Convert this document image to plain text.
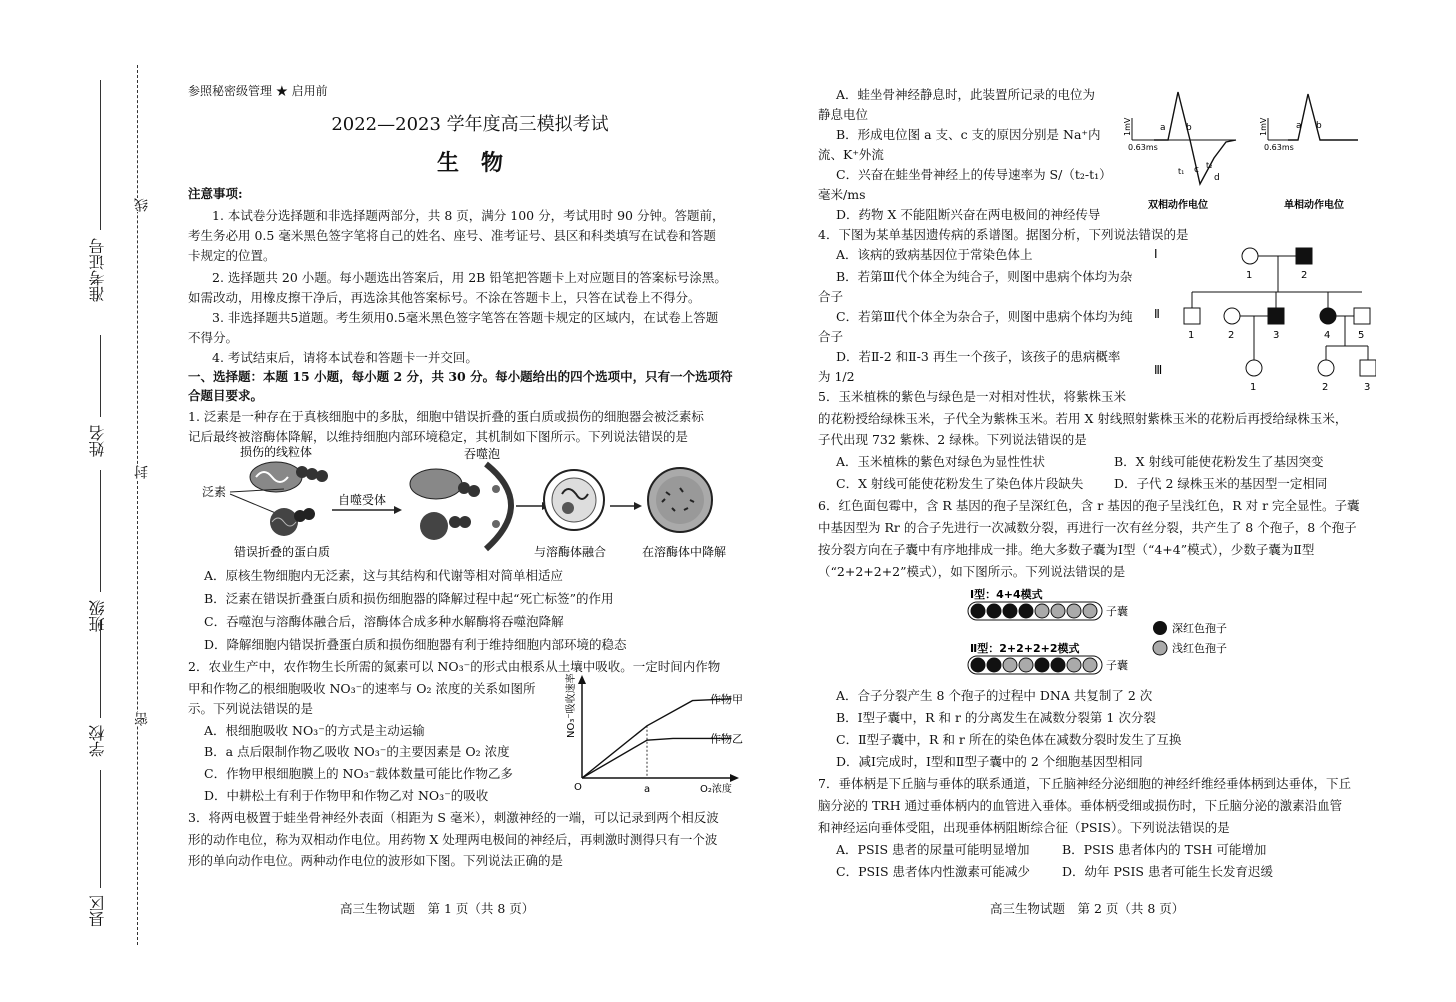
准考证号
姓名
班级
学校
县区
线
封
密
参照秘密级管理 ★ 启用前
2022—2023 学年度高三模拟考试
生　物
注意事项:
1. 本试卷分选择题和非选择题两部分，共 8 页，满分 100 分，考试用时 90 分钟。答题前，
考生务必用 0.5 毫米黑色签字笔将自己的姓名、座号、准考证号、县区和科类填写在试卷和答题
卡规定的位置。
2. 选择题共 20 小题。每小题选出答案后，用 2B 铅笔把答题卡上对应题目的答案标号涂黑。
如需改动，用橡皮擦干净后，再选涂其他答案标号。不涂在答题卡上，只答在试卷上不得分。
3. 非选择题共5道题。考生须用0.5毫米黑色签字笔答在答题卡规定的区域内，在试卷上答题
不得分。
4. 考试结束后，请将本试卷和答题卡一并交回。
一、选择题：本题 15 小题，每小题 2 分，共 30 分。每小题给出的四个选项中，只有一个选项符
合题目要求。
1. 泛素是一种存在于真核细胞中的多肽，细胞中错误折叠的蛋白质或损伤的细胞器会被泛素标
记后最终被溶酶体降解，以维持细胞内部环境稳定，其机制如下图所示。下列说法错误的是
损伤的线粒体
泛素
错误折叠的蛋白质
自噬受体
吞噬泡
与溶酶体融合	在溶酶体中降解
A．原核生物细胞内无泛素，这与其结构和代谢等相对简单相适应
B．泛素在错误折叠蛋白质和损伤细胞器的降解过程中起“死亡标签”的作用
C．吞噬泡与溶酶体融合后，溶酶体合成多种水解酶将吞噬泡降解
D．降解细胞内错误折叠蛋白质和损伤细胞器有利于维持细胞内部环境的稳态
2．农业生产中，农作物生长所需的氮素可以 NO₃⁻的形式由根系从土壤中吸收。一定时间内作物
甲和作物乙的根细胞吸收 NO₃⁻的速率与 O₂ 浓度的关系如图所
示。下列说法错误的是
A．根细胞吸收 NO₃⁻的方式是主动运输
B．a 点后限制作物乙吸收 NO₃⁻的主要因素是 O₂ 浓度
C．作物甲根细胞膜上的 NO₃⁻载体数量可能比作物乙多
D．中耕松土有利于作物甲和作物乙对 NO₃⁻的吸收
NO₃⁻吸收速率
O₂浓度
O	a
作物甲
作物乙
3．将两电极置于蛙坐骨神经外表面（相距为 S 毫米），刺激神经的一端，可以记录到两个相反波
形的动作电位，称为双相动作电位。用药物 X 处理两电极间的神经后，再刺激时测得只有一个波
形的单向动作电位。两种动作电位的波形如下图。下列说法正确的是
高三生物试题　第 1 页（共 8 页）
A．蛙坐骨神经静息时，此装置所记录的电位为
静息电位
B．形成电位图 a 支、c 支的原因分别是 Na⁺内
流、K⁺外流
C．兴奋在蛙坐骨神经上的传导速率为 S/（t₂-t₁）
毫米/ms
D．药物 X 不能阻断兴奋在两电极间的神经传导
1mV
0.63ms
a b
c
d
t₁
t₂
双相动作电位
1mV
0.63ms
a b
单相动作电位
4．下图为某单基因遗传病的系谱图。据图分析，下列说法错误的是
A．该病的致病基因位于常染色体上
B．若第Ⅲ代个体全为纯合子，则图中患病个体均为杂
合子
C．若第Ⅲ代个体全为杂合子，则图中患病个体均为纯
合子
D．若Ⅱ-2 和Ⅱ-3 再生一个孩子，该孩子的患病概率
为 1/2
Ⅰ
Ⅱ
Ⅲ
1	2
1	2	3	4	5
1	2	3
5．玉米植株的紫色与绿色是一对相对性状，将紫株玉米
的花粉授给绿株玉米，子代全为紫株玉米。若用 X 射线照射紫株玉米的花粉后再授给绿株玉米，
子代出现 732 紫株、2 绿株。下列说法错误的是
A．玉米植株的紫色对绿色为显性性状	B．X 射线可能使花粉发生了基因突变
C．X 射线可能使花粉发生了染色体片段缺失 D．子代 2 绿株玉米的基因型一定相同
6．红色面包霉中，含 R 基因的孢子呈深红色，含 r 基因的孢子呈浅红色，R 对 r 完全显性。子囊
中基因型为 Rr 的合子先进行一次减数分裂，再进行一次有丝分裂，共产生了 8 个孢子，8 个孢子
按分裂方向在子囊中有序地排成一排。绝大多数子囊为Ⅰ型（“4+4”模式），少数子囊为Ⅱ型
（“2+2+2+2”模式），如下图所示。下列说法错误的是
Ⅰ型：4+4模式
子囊
Ⅱ型：2+2+2+2模式
子囊
深红色孢子
浅红色孢子
A．合子分裂产生 8 个孢子的过程中 DNA 共复制了 2 次
B．Ⅰ型子囊中，R 和 r 的分离发生在减数分裂第 1 次分裂
C．Ⅱ型子囊中，R 和 r 所在的染色体在减数分裂时发生了互换
D．减Ⅰ完成时，Ⅰ型和Ⅱ型子囊中的 2 个细胞基因型相同
7．垂体柄是下丘脑与垂体的联系通道，下丘脑神经分泌细胞的神经纤维经垂体柄到达垂体，下丘
脑分泌的 TRH 通过垂体柄内的血管进入垂体。垂体柄受细或损伤时，下丘脑分泌的激素沿血管
和神经运向垂体受阻，出现垂体柄阻断综合征（PSIS）。下列说法错误的是
A．PSIS 患者的尿量可能明显增加	B．PSIS 患者体内的 TSH 可能增加
C．PSIS 患者体内性激素可能减少	D．幼年 PSIS 患者可能生长发育迟缓
高三生物试题　第 2 页（共 8 页）
